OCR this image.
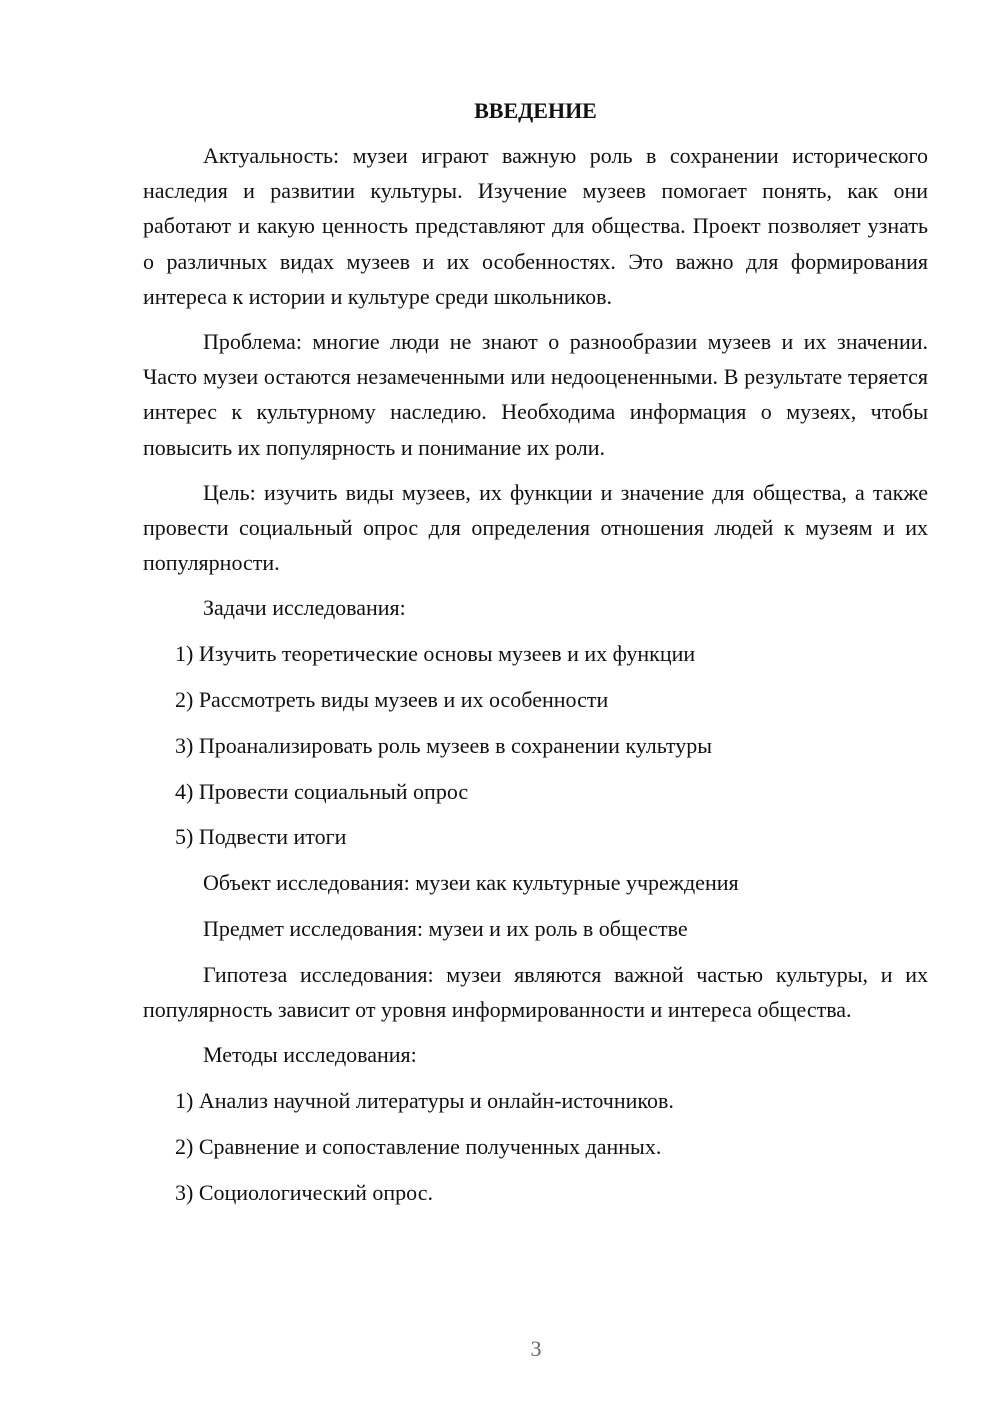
ВВЕДЕНИЕ

Актуальность: музеи играют важную роль в сохранении исторического наследия и развитии культуры. Изучение музеев помогает понять, как они работают и какую ценность представляют для общества. Проект позволяет узнать о различных видах музеев и их особенностях. Это важно для формирования интереса к истории и культуре среди школьников.

Проблема: многие люди не знают о разнообразии музеев и их значении. Часто музеи остаются незамеченными или недооцененными. В результате теряется интерес к культурному наследию. Необходима информация о музеях, чтобы повысить их популярность и понимание их роли.

Цель: изучить виды музеев, их функции и значение для общества, а также провести социальный опрос для определения отношения людей к музеям и их популярности.

Задачи исследования:

1) Изучить теоретические основы музеев и их функции
2) Рассмотреть виды музеев и их особенности
3) Проанализировать роль музеев в сохранении культуры
4) Провести социальный опрос
5) Подвести итоги

Объект исследования: музеи как культурные учреждения

Предмет исследования: музеи и их роль в обществе

Гипотеза исследования: музеи являются важной частью культуры, и их популярность зависит от уровня информированности и интереса общества.

Методы исследования:

1) Анализ научной литературы и онлайн-источников.
2) Сравнение и сопоставление полученных данных.
3) Социологический опрос.
3
